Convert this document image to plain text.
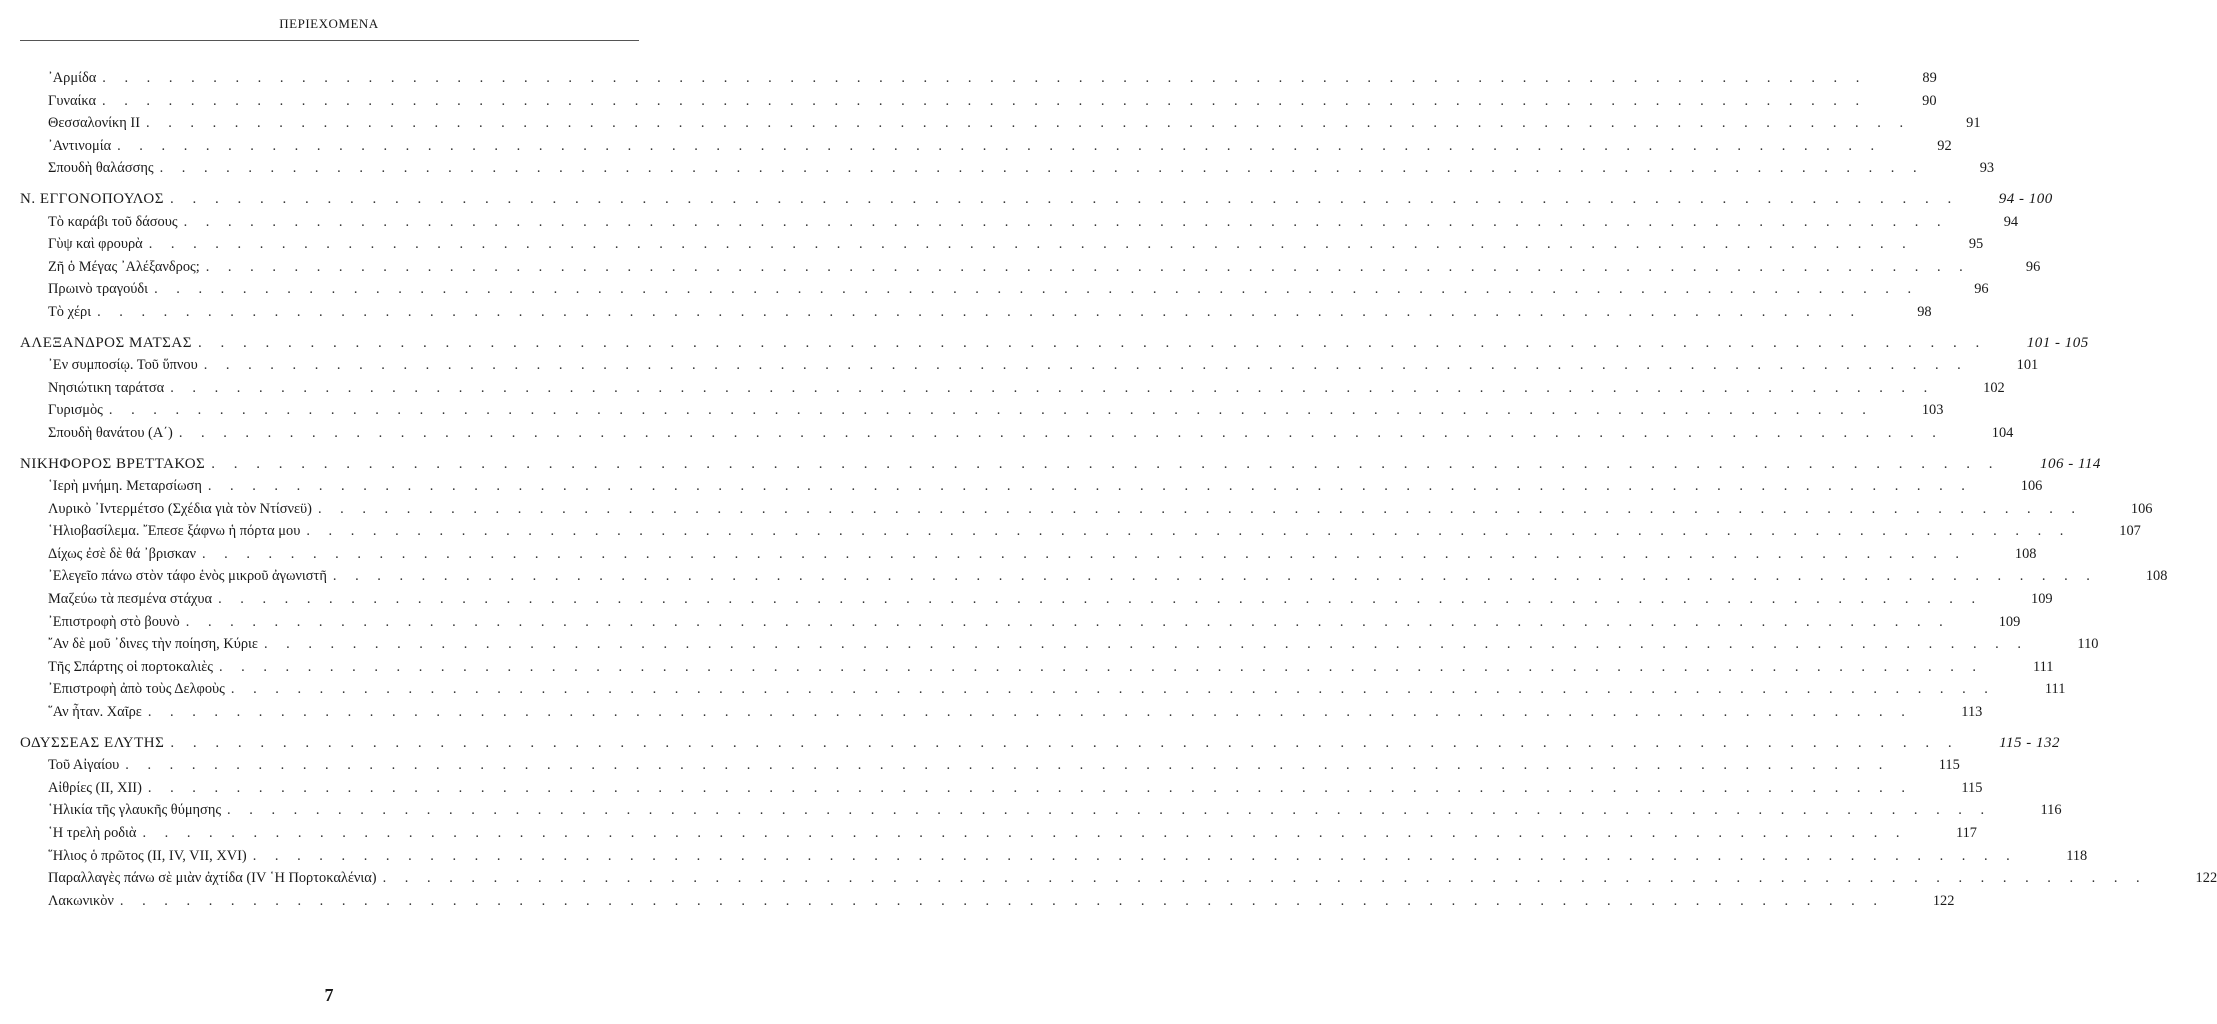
ΠΕΡΙΕΧΟΜΕΝΑ
᾿Αρμίδα . . . . . . . . . . . . . . . . . . . . . . . . . . . . . . . . . . . . . . . . . . . . . . . . . . . . . . . . . . . . . . . . . . . . . . . . . . . . . . . .	89
Γυναίκα . . . . . . . . . . . . . . . . . . . . . . . . . . . . . . . . . . . . . . . . . . . . . . . . . . . . . . . . . . . . . . . . . . . . . . . . . . . . . . . .	90
Θεσσαλονίκη II . . . . . . . . . . . . . . . . . . . . . . . . . . . . . . . . . . . . . . . . . . . . . . . . . . . . . . . . . . . . . . . . . . . . . . . . . . . . . . . .	91
᾿Αντινομία . . . . . . . . . . . . . . . . . . . . . . . . . . . . . . . . . . . . . . . . . . . . . . . . . . . . . . . . . . . . . . . . . . . . . . . . . . . . . . . .	92
Σπουδὴ θαλάσσης . . . . . . . . . . . . . . . . . . . . . . . . . . . . . . . . . . . . . . . . . . . . . . . . . . . . . . . . . . . . . . . . . . . . . . . . . . . . . . . .	93
Ν. ΕΓΓΟΝΟΠΟΥΛΟΣ . . . . . . . . . . . . . . . . . . . . . . . . . . . . . . . . . . . . . . . . . . . . . . . . . . . . . . . . . . . . . . . . . . . . . . . . . . . . . . . .	94 - 100
Τὸ καράβι τοῦ δάσους . . . . . . . . . . . . . . . . . . . . . . . . . . . . . . . . . . . . . . . . . . . . . . . . . . . . . . . . . . . . . . . . . . . . . . . . . . . . . . . .	94
Γὺψ καὶ φρουρὰ . . . . . . . . . . . . . . . . . . . . . . . . . . . . . . . . . . . . . . . . . . . . . . . . . . . . . . . . . . . . . . . . . . . . . . . . . . . . . . . .	95
Ζῆ ὁ Μέγας ᾿Αλέξανδρος; . . . . . . . . . . . . . . . . . . . . . . . . . . . . . . . . . . . . . . . . . . . . . . . . . . . . . . . . . . . . . . . . . . . . . . . . . . . . . . . .	96
Πρωινὸ τραγούδι . . . . . . . . . . . . . . . . . . . . . . . . . . . . . . . . . . . . . . . . . . . . . . . . . . . . . . . . . . . . . . . . . . . . . . . . . . . . . . . .	96
Τὸ χέρι . . . . . . . . . . . . . . . . . . . . . . . . . . . . . . . . . . . . . . . . . . . . . . . . . . . . . . . . . . . . . . . . . . . . . . . . . . . . . . . .	98
ΑΛΕΞΑΝΔΡΟΣ ΜΑΤΣΑΣ . . . . . . . . . . . . . . . . . . . . . . . . . . . . . . . . . . . . . . . . . . . . . . . . . . . . . . . . . . . . . . . . . . . . . . . . . . . . . . . .	101 - 105
᾿Εν συμποσίῳ. Τοῦ ὕπνου . . . . . . . . . . . . . . . . . . . . . . . . . . . . . . . . . . . . . . . . . . . . . . . . . . . . . . . . . . . . . . . . . . . . . . . . . . . . . . . .	101
Νησιώτικη ταράτσα . . . . . . . . . . . . . . . . . . . . . . . . . . . . . . . . . . . . . . . . . . . . . . . . . . . . . . . . . . . . . . . . . . . . . . . . . . . . . . . .	102
Γυρισμὸς . . . . . . . . . . . . . . . . . . . . . . . . . . . . . . . . . . . . . . . . . . . . . . . . . . . . . . . . . . . . . . . . . . . . . . . . . . . . . . . .	103
Σπουδὴ θανάτου (Α΄) . . . . . . . . . . . . . . . . . . . . . . . . . . . . . . . . . . . . . . . . . . . . . . . . . . . . . . . . . . . . . . . . . . . . . . . . . . . . . . . .	104
ΝΙΚΗΦΟΡΟΣ ΒΡΕΤΤΑΚΟΣ . . . . . . . . . . . . . . . . . . . . . . . . . . . . . . . . . . . . . . . . . . . . . . . . . . . . . . . . . . . . . . . . . . . . . . . . . . . . . . . .	106 - 114
῾Ιερὴ μνήμη. Μεταρσίωση . . . . . . . . . . . . . . . . . . . . . . . . . . . . . . . . . . . . . . . . . . . . . . . . . . . . . . . . . . . . . . . . . . . . . . . . . . . . . . . .	106
Λυρικὸ ᾿Ιντερμέτσο (Σχέδια γιὰ τὸν Ντίσνεϋ) . . . . . . . . . . . . . . . . . . . . . . . . . . . . . . . . . . . . . . . . . . . . . . . . . . . . . . . . . . . . . . . . . . . . . . . . . . . . . . . .	106
῾Ηλιοβασίλεμα. ῎Επεσε ξάφνω ἡ πόρτα μου . . . . . . . . . . . . . . . . . . . . . . . . . . . . . . . . . . . . . . . . . . . . . . . . . . . . . . . . . . . . . . . . . . . . . . . . . . . . . . . .	107
Δίχως ἐσὲ δὲ θά ᾿βρισκαν . . . . . . . . . . . . . . . . . . . . . . . . . . . . . . . . . . . . . . . . . . . . . . . . . . . . . . . . . . . . . . . . . . . . . . . . . . . . . . . .	108
᾿Ελεγεῖο πάνω στὸν τάφο ἑνὸς μικροῦ ἀγωνιστῆ . . . . . . . . . . . . . . . . . . . . . . . . . . . . . . . . . . . . . . . . . . . . . . . . . . . . . . . . . . . . . . . . . . . . . . . . . . . . . . . .	108
Μαζεύω τὰ πεσμένα στάχυα . . . . . . . . . . . . . . . . . . . . . . . . . . . . . . . . . . . . . . . . . . . . . . . . . . . . . . . . . . . . . . . . . . . . . . . . . . . . . . . .	109
᾿Επιστροφὴ στὸ βουνὸ . . . . . . . . . . . . . . . . . . . . . . . . . . . . . . . . . . . . . . . . . . . . . . . . . . . . . . . . . . . . . . . . . . . . . . . . . . . . . . . .	109
῎Αν δὲ μοῦ ᾿δινες τὴν ποίηση, Κύριε . . . . . . . . . . . . . . . . . . . . . . . . . . . . . . . . . . . . . . . . . . . . . . . . . . . . . . . . . . . . . . . . . . . . . . . . . . . . . . . .	110
Τῆς Σπάρτης οἱ πορτοκαλιὲς . . . . . . . . . . . . . . . . . . . . . . . . . . . . . . . . . . . . . . . . . . . . . . . . . . . . . . . . . . . . . . . . . . . . . . . . . . . . . . . .	111
᾿Επιστροφὴ ἀπὸ τοὺς Δελφοὺς . . . . . . . . . . . . . . . . . . . . . . . . . . . . . . . . . . . . . . . . . . . . . . . . . . . . . . . . . . . . . . . . . . . . . . . . . . . . . . . .	111
῞Αν ἦταν. Χαῖρε . . . . . . . . . . . . . . . . . . . . . . . . . . . . . . . . . . . . . . . . . . . . . . . . . . . . . . . . . . . . . . . . . . . . . . . . . . . . . . . .	113
ΟΔΥΣΣΕΑΣ ΕΛΥΤΗΣ . . . . . . . . . . . . . . . . . . . . . . . . . . . . . . . . . . . . . . . . . . . . . . . . . . . . . . . . . . . . . . . . . . . . . . . . . . . . . . . .	115 - 132
Τοῦ Αἰγαίου . . . . . . . . . . . . . . . . . . . . . . . . . . . . . . . . . . . . . . . . . . . . . . . . . . . . . . . . . . . . . . . . . . . . . . . . . . . . . . . .	115
Αἰθρίες (II, XII) . . . . . . . . . . . . . . . . . . . . . . . . . . . . . . . . . . . . . . . . . . . . . . . . . . . . . . . . . . . . . . . . . . . . . . . . . . . . . . . .	115
῾Ηλικία τῆς γλαυκῆς θύμησης . . . . . . . . . . . . . . . . . . . . . . . . . . . . . . . . . . . . . . . . . . . . . . . . . . . . . . . . . . . . . . . . . . . . . . . . . . . . . . . .	116
῾Η τρελὴ ροδιὰ . . . . . . . . . . . . . . . . . . . . . . . . . . . . . . . . . . . . . . . . . . . . . . . . . . . . . . . . . . . . . . . . . . . . . . . . . . . . . . . .	117
῞Ηλιος ὁ πρῶτος (II, IV, VII, XVI) . . . . . . . . . . . . . . . . . . . . . . . . . . . . . . . . . . . . . . . . . . . . . . . . . . . . . . . . . . . . . . . . . . . . . . . . . . . . . . . .	118
Παραλλαγὲς πάνω σὲ μιὰν ἀχτίδα (IV ῾Η Πορτοκαλένια) . . . . . . . . . . . . . . . . . . . . . . . . . . . . . . . . . . . . . . . . . . . . . . . . . . . . . . . . . . . . . . . . . . . . . . . . . . . . . . . .	122
Λακωνικὸν . . . . . . . . . . . . . . . . . . . . . . . . . . . . . . . . . . . . . . . . . . . . . . . . . . . . . . . . . . . . . . . . . . . . . . . . . . . . . . . .	122
7
